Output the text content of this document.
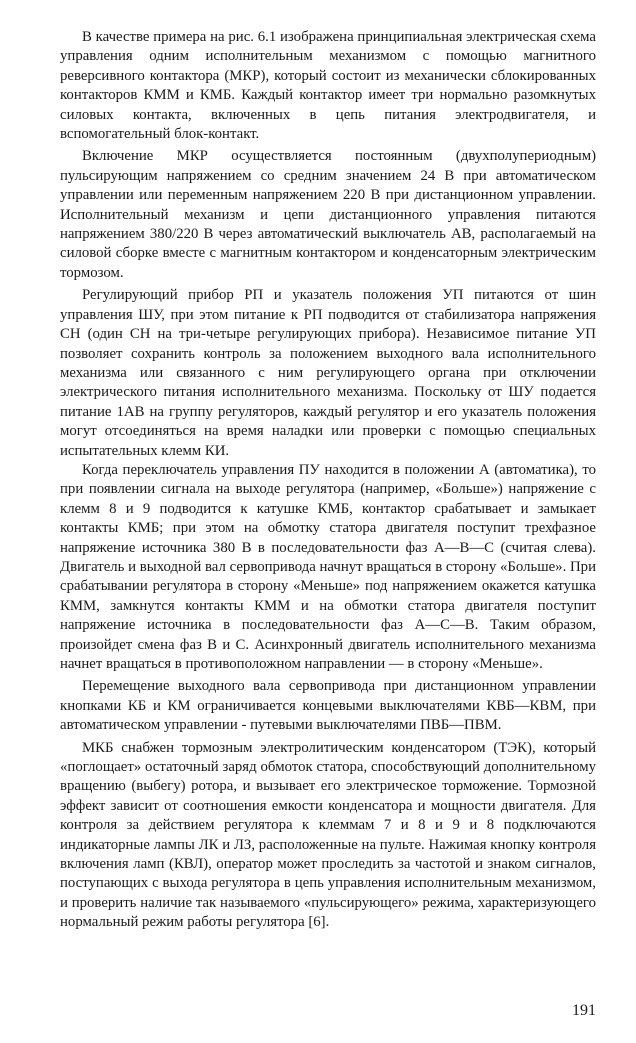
В качестве примера на рис. 6.1 изображена принципиальная электрическая схема управления одним исполнительным механизмом с помощью магнитного реверсивного контактора (МКР), который состоит из механически сблокированных контакторов КММ и КМБ. Каждый контактор имеет три нормально разомкнутых силовых контакта, включенных в цепь питания электродвигателя, и вспомогательный блок-контакт.

Включение МКР осуществляется постоянным (двухполупериодным) пульсирующим напряжением со средним значением 24 В при автоматическом управлении или переменным напряжением 220 В при дистанционном управлении. Исполнительный механизм и цепи дистанционного управления питаются напряжением 380/220 В через автоматический выключатель АВ, располагаемый на силовой сборке вместе с магнитным контактором и конденсаторным электрическим тормозом.

Регулирующий прибор РП и указатель положения УП питаются от шин управления ШУ, при этом питание к РП подводится от стабилизатора напряжения СН (один СН на три-четыре регулирующих прибора). Независимое питание УП позволяет сохранить контроль за положением выходного вала исполнительного механизма или связанного с ним регулирующего органа при отключении электрического питания исполнительного механизма. Поскольку от ШУ подается питание 1АВ на группу регуляторов, каждый регулятор и его указатель положения могут отсоединяться на время наладки или проверки с помощью специальных испытательных клемм КИ.

Когда переключатель управления ПУ находится в положении А (автоматика), то при появлении сигнала на выходе регулятора (например, «Больше») напряжение с клемм 8 и 9 подводится к катушке КМБ, контактор срабатывает и замыкает контакты КМБ; при этом на обмотку статора двигателя поступит трехфазное напряжение источника 380 В в последовательности фаз А—В—С (считая слева). Двигатель и выходной вал сервопривода начнут вращаться в сторону «Больше». При срабатывании регулятора в сторону «Меньше» под напряжением окажется катушка КММ, замкнутся контакты КММ и на обмотки статора двигателя поступит напряжение источника в последовательности фаз А—С—В. Таким образом, произойдет смена фаз В и С. Асинхронный двигатель исполнительного механизма начнет вращаться в противоположном направлении — в сторону «Меньше».

Перемещение выходного вала сервопривода при дистанционном управлении кнопками КБ и КМ ограничивается концевыми выключателями КВБ—КВМ, при автоматическом управлении - путевыми выключателями ПВБ—ПВМ.

МКБ снабжен тормозным электролитическим конденсатором (ТЭК), который «поглощает» остаточный заряд обмоток статора, способствующий дополнительному вращению (выбегу) ротора, и вызывает его электрическое торможение. Тормозной эффект зависит от соотношения емкости конденсатора и мощности двигателя. Для контроля за действием регулятора к клеммам 7 и 8 и 9 и 8 подключаются индикаторные лампы ЛК и ЛЗ, расположенные на пульте. Нажимая кнопку контроля включения ламп (КВЛ), оператор может проследить за частотой и знаком сигналов, поступающих с выхода регулятора в цепь управления исполнительным механизмом, и проверить наличие так называемого «пульсирующего» режима, характеризующего нормальный режим работы регулятора [6].

191
